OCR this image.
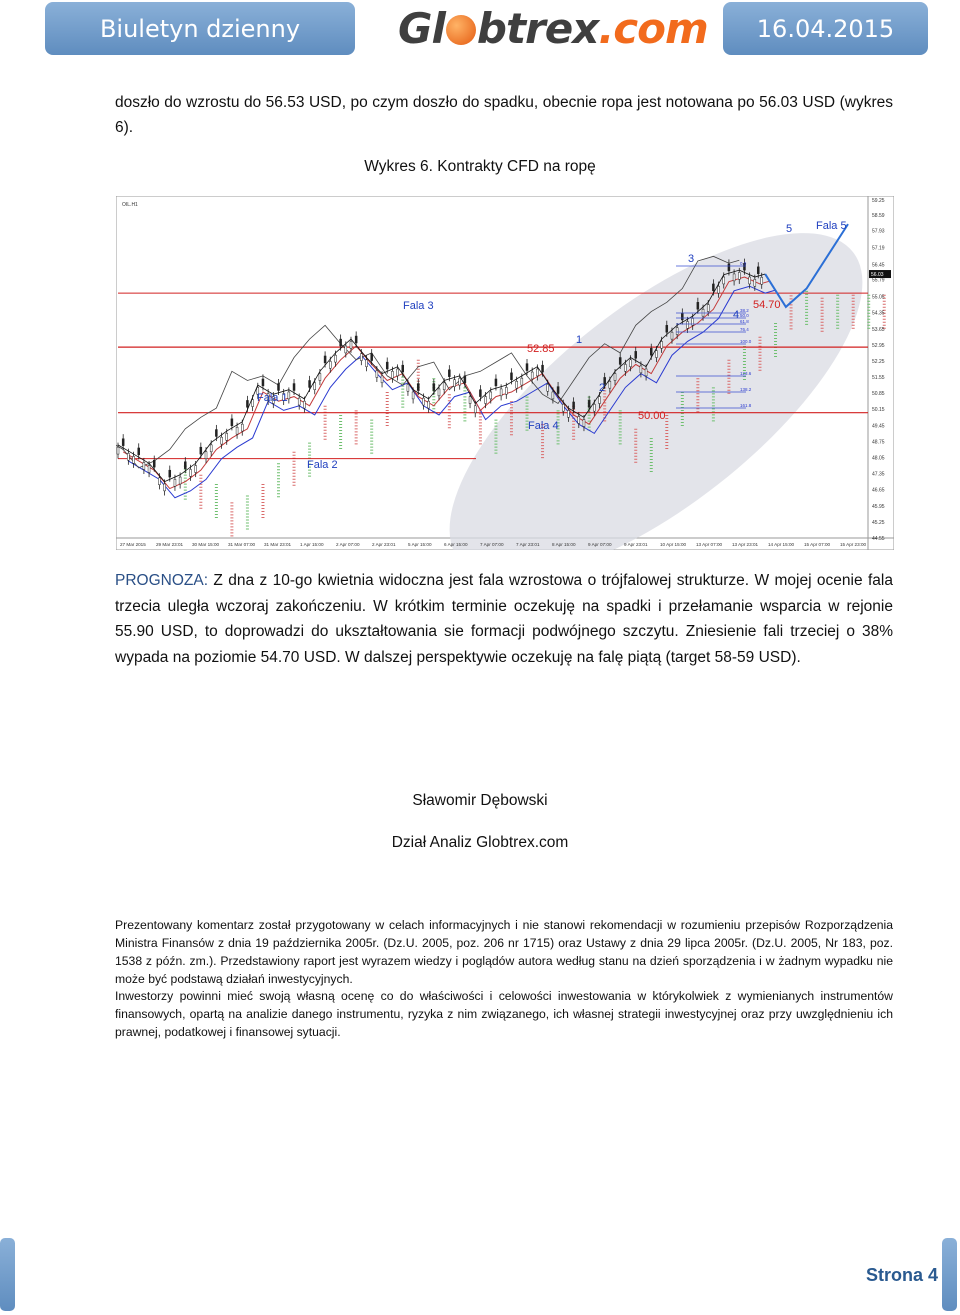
Biuletyn dzienny Gl btrex.com 16.04.2015
doszło do wzrostu do 56.53 USD, po czym doszło do spadku, obecnie ropa jest notowana po 56.03 USD (wykres 6).
Wykres 6. Kontrakty CFD na ropę
OIL.H1
59.25
58.59
57.93
57.19
56.45
55.79
55.05
54.35
53.65
52.95
52.25
51.55
50.85
50.15
49.45
48.75
48.05
47.35
46.65
45.95
45.25
44.55
27 Mar 2015 29 Mar 23:01 30 Mar 15:00 31 Mar 07:00 31 Mar 23:01 1 Apr 15:00	2 Apr 07:00	2 Apr 23:01	5 Apr 15:00	6 Apr 15:00	7 Apr 07:00	7 Apr 23:01	8 Apr 15:00	9 Apr 07:00	9 Apr 23:01	10 Apr 15:00 13 Apr 07:00 13 Apr 23:01 14 Apr 15:00 15 Apr 07:00 15 Apr 23:00
0.0
38.2
50.0
61.8
76.4
100.0
123.6
138.2
161.8
56.03
Fala 1
Fala 2
Fala 3
Fala 4
Fala 5
1
2
3
4
5
52.85
50.00
54.70
PROGNOZA: Z dna z 10-go kwietnia widoczna jest fala wzrostowa o trójfalowej strukturze. W mojej ocenie fala trzecia uległa wczoraj zakończeniu. W krótkim terminie oczekuję na spadki i przełamanie wsparcia w rejonie 55.90 USD, to doprowadzi do ukształtowania sie formacji podwójnego szczytu. Zniesienie fali trzeciej o 38% wypada na poziomie 54.70 USD. W dalszej perspektywie oczekuję na falę piątą (target 58-59 USD).
Sławomir Dębowski
Dział Analiz Globtrex.com
Prezentowany komentarz został przygotowany w celach informacyjnych i nie stanowi rekomendacji w rozumieniu przepisów Rozporządzenia Ministra Finansów z dnia 19 października 2005r. (Dz.U. 2005, poz. 206 nr 1715) oraz Ustawy z dnia 29 lipca 2005r. (Dz.U. 2005, Nr 183, poz. 1538 z późn. zm.). Przedstawiony raport jest wyrazem wiedzy i poglądów autora według stanu na dzień sporządzenia i w żadnym wypadku nie może być podstawą działań inwestycyjnych.
Inwestorzy powinni mieć swoją własną ocenę co do właściwości i celowości inwestowania w którykolwiek z wymienianych instrumentów finansowych, opartą na analizie danego instrumentu, ryzyka z nim związanego, ich własnej strategii inwestycyjnej oraz przy uwzględnieniu ich prawnej, podatkowej i finansowej sytuacji.
Strona 4
